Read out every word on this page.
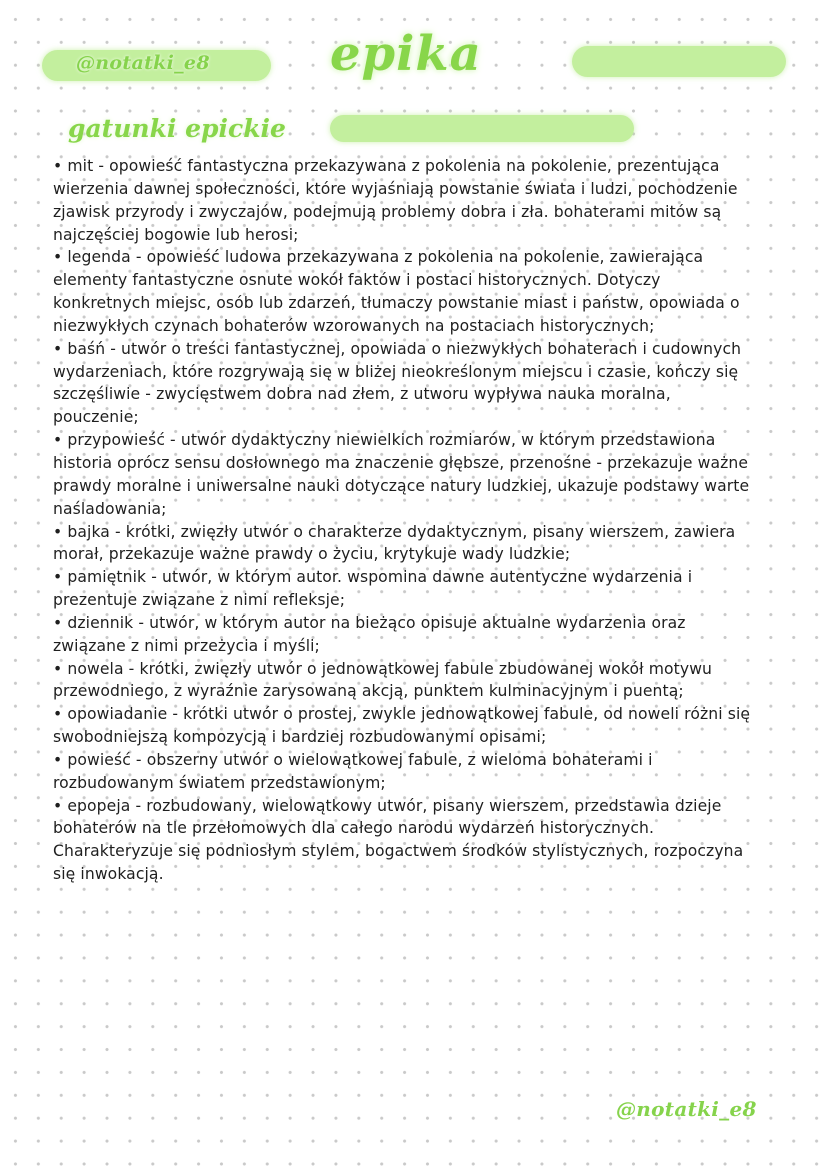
@notatki_e8	epika
gatunki epickie
• mit - opowieść fantastyczna przekazywana z pokolenia na pokolenie, prezentująca wierzenia dawnej społeczności, które wyjaśniają powstanie świata i ludzi, pochodzenie zjawisk przyrody i zwyczajów, podejmują problemy dobra i zła. bohaterami mitów są najczęściej bogowie lub herosi;
• legenda - opowieść ludowa przekazywana z pokolenia na pokolenie, zawierająca elementy fantastyczne osnute wokół faktów i postaci historycznych. Dotyczy konkretnych miejsc, osób lub zdarzeń, tłumaczy powstanie miast i państw, opowiada o niezwykłych czynach bohaterów wzorowanych na postaciach historycznych;
• baśń - utwór o treści fantastycznej, opowiada o niezwykłych bohaterach i cudownych wydarzeniach, które rozgrywają się w bliżej nieokreślonym miejscu i czasie, kończy się szczęśliwie - zwycięstwem dobra nad złem, z utworu wypływa nauka moralna, pouczenie;
• przypowieść - utwór dydaktyczny niewielkich rozmiarów, w którym przedstawiona historia oprócz sensu dosłownego ma znaczenie głębsze, przenośne - przekazuje ważne prawdy moralne i uniwersalne nauki dotyczące natury ludzkiej, ukazuje podstawy warte naśladowania;
• bajka - krótki, zwięzły utwór o charakterze dydaktycznym, pisany wierszem, zawiera morał, przekazuje ważne prawdy o życiu, krytykuje wady ludzkie;
• pamiętnik - utwór, w którym autor. wspomina dawne autentyczne wydarzenia i prezentuje związane z nimi refleksje;
• dziennik - utwór, w którym autor na bieżąco opisuje aktualne wydarzenia oraz związane z nimi przeżycia i myśli;
• nowela - krótki, zwięzły utwór o jednowątkowej fabule zbudowanej wokół motywu przewodniego, z wyraźnie zarysowaną akcją, punktem kulminacyjnym i puentą;
• opowiadanie - krótki utwór o prostej, zwykle jednowątkowej fabule, od noweli różni się swobodniejszą kompozycją i bardziej rozbudowanymi opisami;
• powieść - obszerny utwór o wielowątkowej fabule, z wieloma bohaterami i rozbudowanym światem przedstawionym;
• epopeja - rozbudowany, wielowątkowy utwór, pisany wierszem, przedstawia dzieje bohaterów na tle przełomowych dla całego narodu wydarzeń historycznych. Charakteryzuje się podniosłym stylem, bogactwem środków stylistycznych, rozpoczyna się inwokacją.
@notatki_e8
